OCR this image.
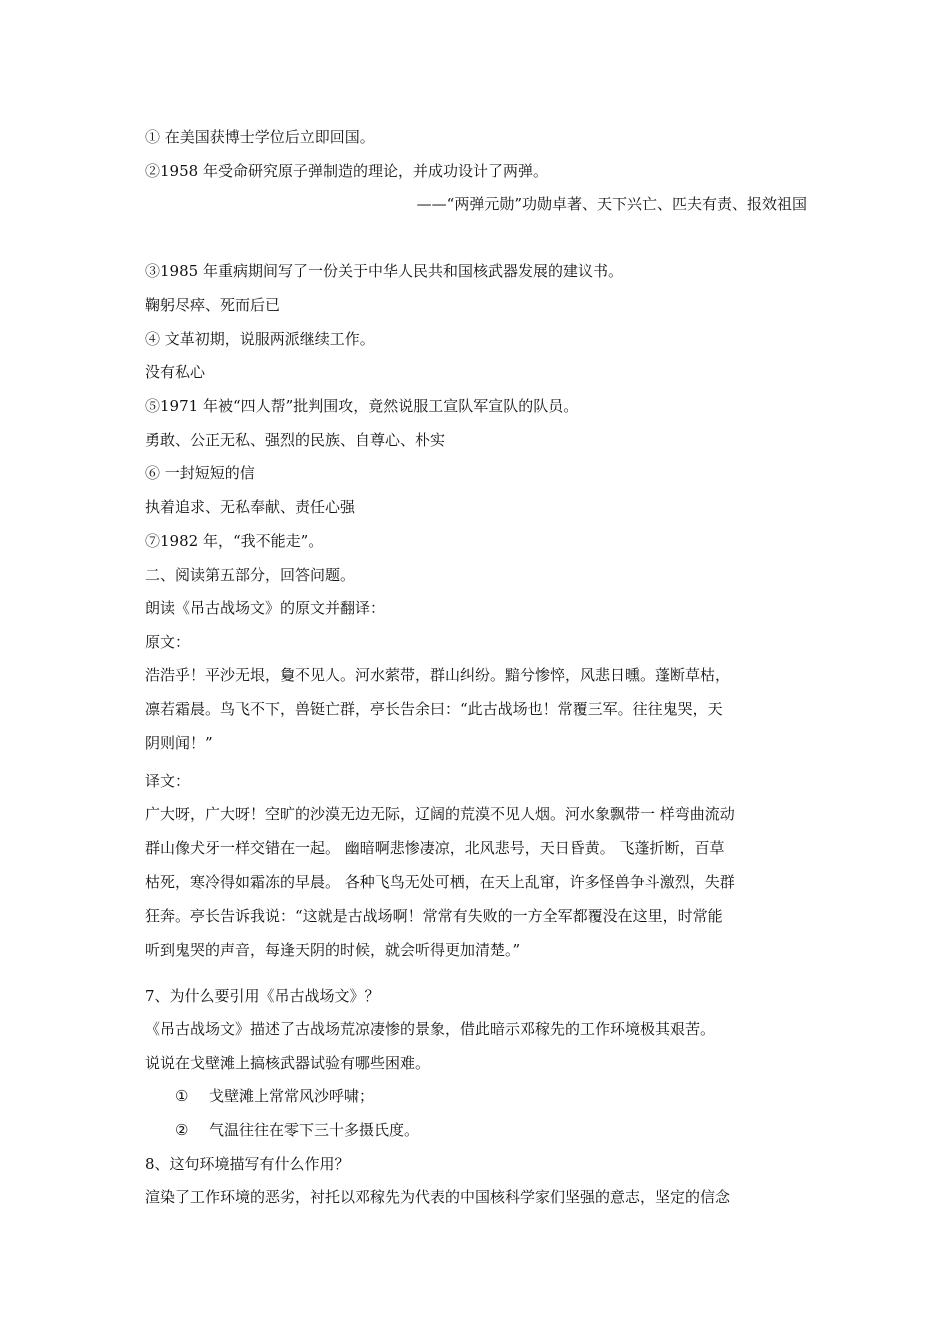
① 在美国获博士学位后立即回国。
②1958 年受命研究原子弹制造的理论，并成功设计了两弹。
——“两弹元勋”功勋卓著、天下兴亡、匹夫有责、报效祖国
③1985 年重病期间写了一份关于中华人民共和国核武器发展的建议书。
鞠躬尽瘁、死而后已
④ 文革初期，说服两派继续工作。
没有私心
⑤1971 年被“四人帮”批判围攻，竟然说服工宣队军宣队的队员。
勇敢、公正无私、强烈的民族、自尊心、朴实
⑥ 一封短短的信
执着追求、无私奉献、责任心强
⑦1982 年，“我不能走”。
二、阅读第五部分，回答问题。
朗读《吊古战场文》的原文并翻译：
原文：
浩浩乎！平沙无垠，敻不见人。河水萦带，群山纠纷。黯兮惨悴，风悲日曛。蓬断草枯，
凛若霜晨。鸟飞不下，兽铤亡群，亭长告余曰：“此古战场也！常覆三军。往往鬼哭，天
阴则闻！”
译文：
广大呀，广大呀！空旷的沙漠无边无际，辽阔的荒漠不见人烟。河水象飘带一 样弯曲流动
群山像犬牙一样交错在一起。 幽暗啊悲惨凄凉，北风悲号，天日昏黄。 飞蓬折断，百草
枯死，寒冷得如霜冻的早晨。 各种飞鸟无处可栖，在天上乱窜，许多怪兽争斗激烈，失群
狂奔。亭长告诉我说：“这就是古战场啊！常常有失败的一方全军都覆没在这里，时常能
听到鬼哭的声音，每逢天阴的时候，就会听得更加清楚。”
7、为什么要引用《吊古战场文》？
《吊古战场文》描述了古战场荒凉凄惨的景象，借此暗示邓稼先的工作环境极其艰苦。
说说在戈壁滩上搞核武器试验有哪些困难。
① 戈壁滩上常常风沙呼啸；
② 气温往往在零下三十多摄氏度。
8、这句环境描写有什么作用？
渲染了工作环境的恶劣，衬托以邓稼先为代表的中国核科学家们坚强的意志，坚定的信念
